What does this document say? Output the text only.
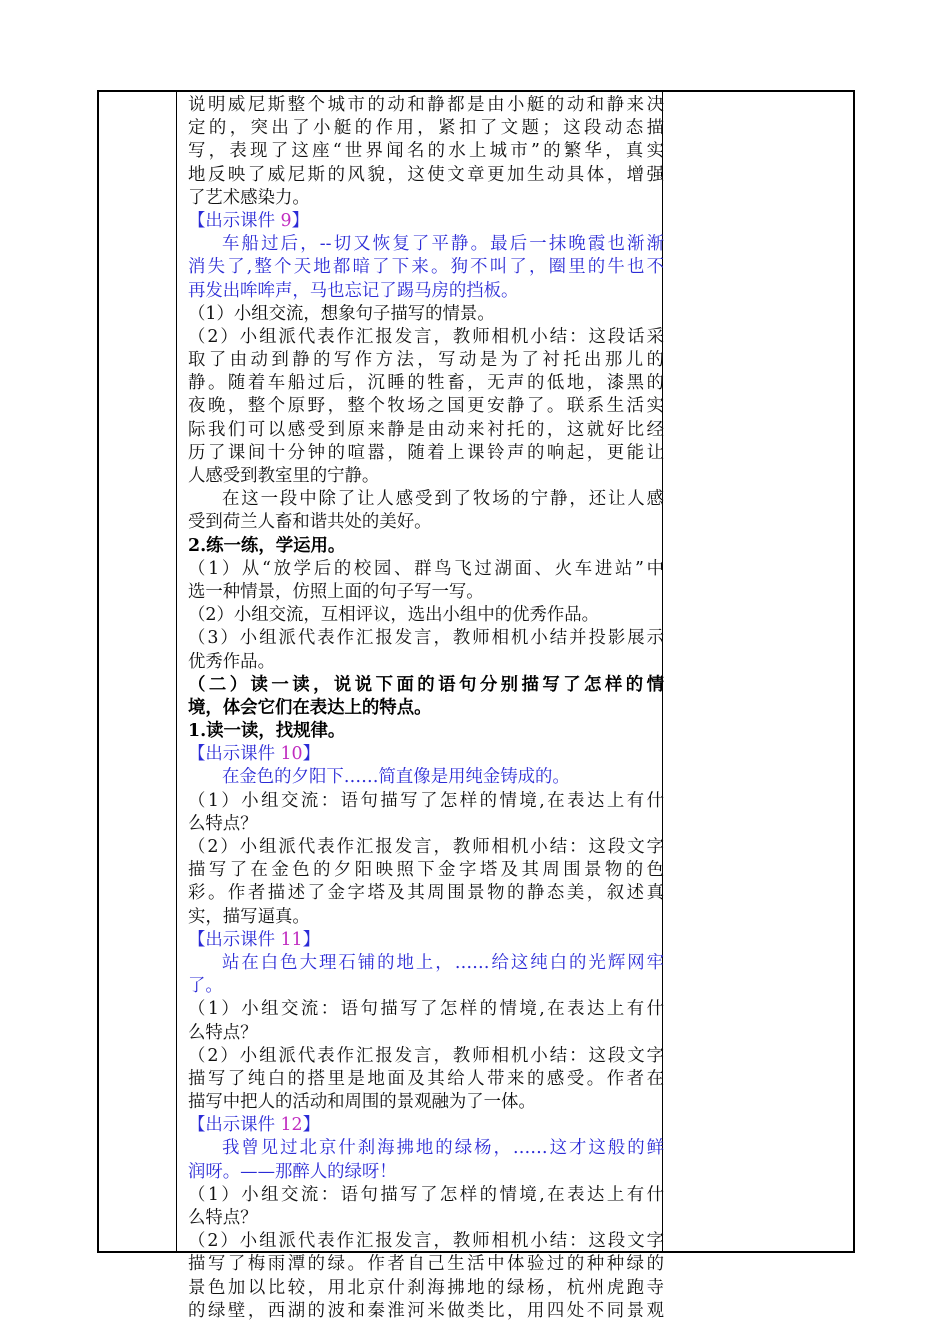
说明威尼斯整个城市的动和静都是由小艇的动和静来决
定的，突出了小艇的作用，紧扣了文题；这段动态描
写，表现了这座“世界闻名的水上城市”的繁华，真实
地反映了威尼斯的风貌，这使文章更加生动具体，增强
了艺术感染力。
【出示课件 9】
车船过后，--切又恢复了平静。最后一抹晚霞也渐渐
消失了,整个天地都暗了下来。狗不叫了，圈里的牛也不
再发出哞哞声，马也忘记了踢马房的挡板。
（1）小组交流，想象句子描写的情景。
（2）小组派代表作汇报发言，教师相机小结：这段话采
取了由动到静的写作方法，写动是为了衬托出那儿的
静。随着车船过后，沉睡的牲畜，无声的低地，漆黑的
夜晚，整个原野，整个牧场之国更安静了。联系生活实
际我们可以感受到原来静是由动来衬托的，这就好比经
历了课间十分钟的喧嚣，随着上课铃声的响起，更能让
人感受到教室里的宁静。
在这一段中除了让人感受到了牧场的宁静，还让人感
受到荷兰人畜和谐共处的美好。
2.练一练，学运用。
（1）从“放学后的校园、群鸟飞过湖面、火车进站”中
选一种情景，仿照上面的句子写一写。
（2）小组交流，互相评议，选出小组中的优秀作品。
（3）小组派代表作汇报发言，教师相机小结并投影展示
优秀作品。
（二）读一读，说说下面的语句分别描写了怎样的情
境，体会它们在表达上的特点。
1.读一读，找规律。
【出示课件 10】
在金色的夕阳下……简直像是用纯金铸成的。
（1）小组交流：语句描写了怎样的情境,在表达上有什
么特点？
（2）小组派代表作汇报发言，教师相机小结：这段文字
描写了在金色的夕阳映照下金字塔及其周围景物的色
彩。作者描述了金字塔及其周围景物的静态美，叙述真
实，描写逼真。
【出示课件 11】
站在白色大理石铺的地上，……给这纯白的光辉网牢
了。
（1）小组交流：语句描写了怎样的情境,在表达上有什
么特点？
（2）小组派代表作汇报发言，教师相机小结：这段文字
描写了纯白的搭里是地面及其给人带来的感受。作者在
描写中把人的活动和周围的景观融为了一体。
【出示课件 12】
我曾见过北京什刹海拂地的绿杨，……这才这般的鲜
润呀。——那醉人的绿呀！
（1）小组交流：语句描写了怎样的情境,在表达上有什
么特点？
（2）小组派代表作汇报发言，教师相机小结：这段文字
描写了梅雨潭的绿。作者自己生活中体验过的种种绿的
景色加以比较，用北京什刹海拂地的绿杨，杭州虎跑寺
的绿壁，西湖的波和秦淮河米做类比，用四处不同景观
